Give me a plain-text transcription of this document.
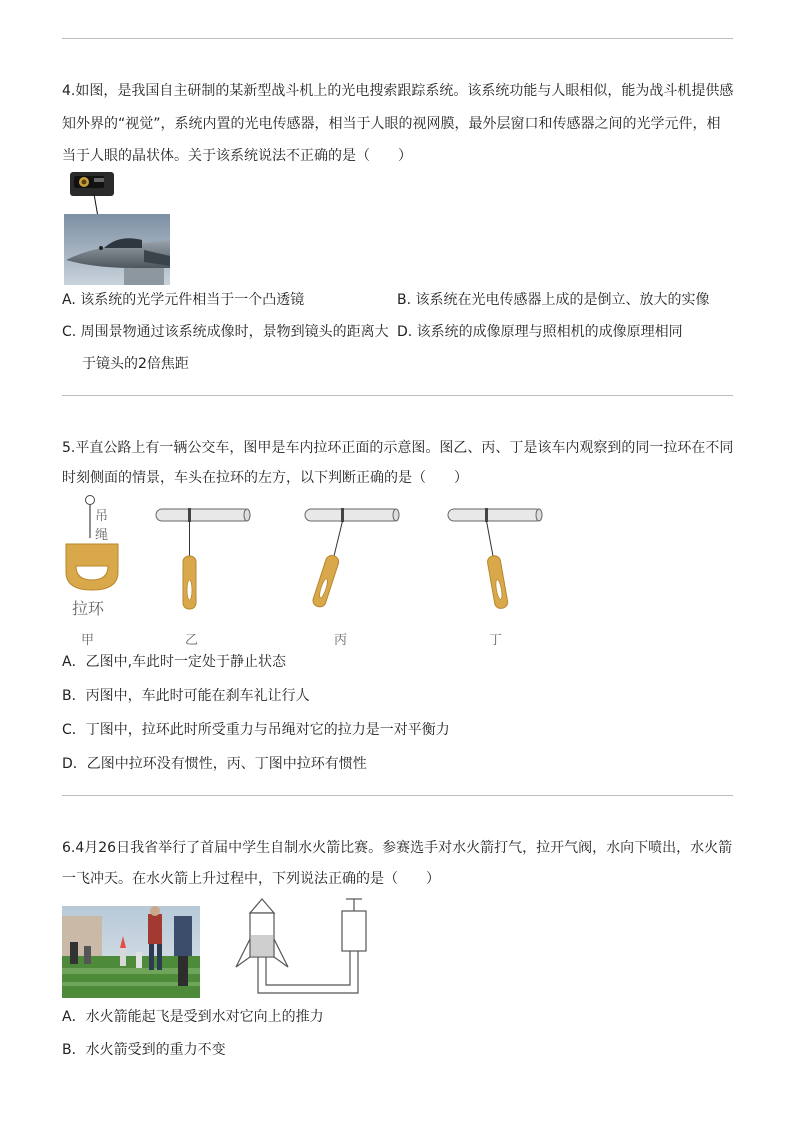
4.如图，是我国自主研制的某新型战斗机上的光电搜索跟踪系统。该系统功能与人眼相似，能为战斗机提供感
知外界的“视觉”，系统内置的光电传感器，相当于人眼的视网膜，最外层窗口和传感器之间的光学元件，相
当于人眼的晶状体。关于该系统说法不正确的是（　　）
A. 该系统的光学元件相当于一个凸透镜	B. 该系统在光电传感器上成的是倒立、放大的实像
C. 周围景物通过该系统成像时，景物到镜头的距离大
于镜头的2倍焦距
D. 该系统的成像原理与照相机的成像原理相同
5.平直公路上有一辆公交车，图甲是车内拉环正面的示意图。图乙、丙、丁是该车内观察到的同一拉环在不同
时刻侧面的情景，车头在拉环的左方，以下判断正确的是（　　）
吊
绳
拉环
甲	乙	丙	丁
A．乙图中,车此时一定处于静止状态
B．丙图中，车此时可能在刹车礼让行人
C．丁图中，拉环此时所受重力与吊绳对它的拉力是一对平衡力
D．乙图中拉环没有惯性，丙、丁图中拉环有惯性
6.4月26日我省举行了首届中学生自制水火箭比赛。参赛选手对水火箭打气，拉开气阀，水向下喷出，水火箭
一飞冲天。在水火箭上升过程中，下列说法正确的是（　　）
A．水火箭能起飞是受到水对它向上的推力
B．水火箭受到的重力不变
